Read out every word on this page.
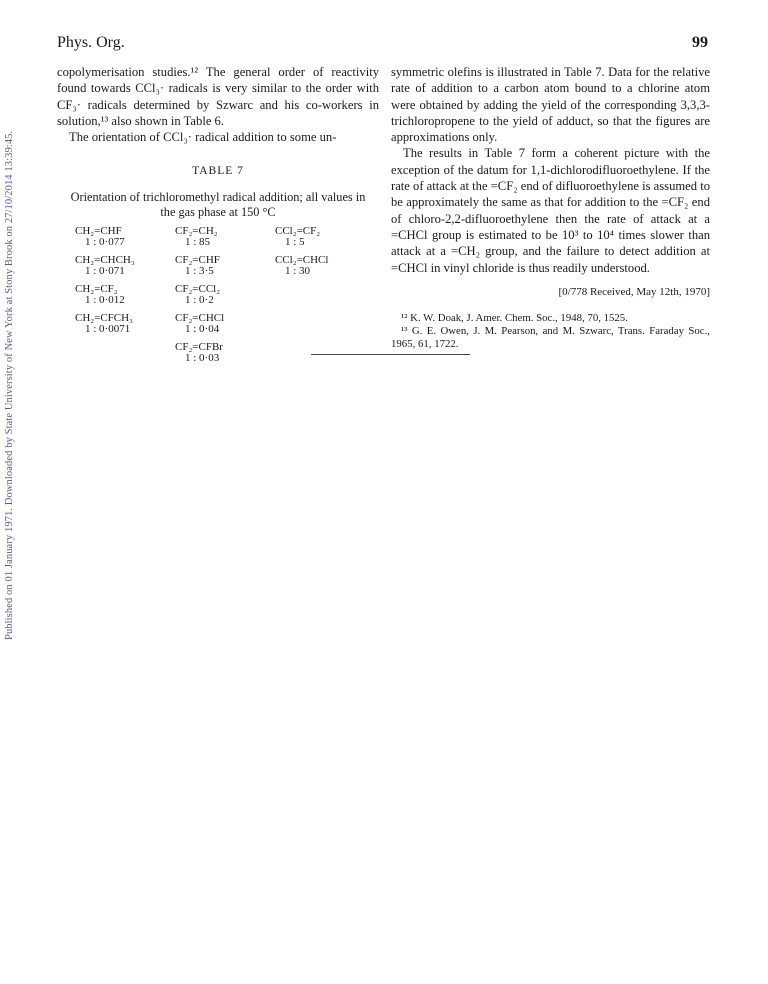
Published on 01 January 1971. Downloaded by State University of New York at Stony Brook on 27/10/2014 13:39:45.
Phys. Org.	99

copolymerisation studies.¹² The general order of reactivity found towards CCl₃· radicals is very similar to the order with CF₃· radicals determined by Szwarc and his co-workers in solution,¹³ also shown in Table 6.

The orientation of CCl₃· radical addition to some un-

TABLE 7
Orientation of trichloromethyl radical addition; all values in the gas phase at 150 °C
CH₂=CHF
1 : 0·077
CH₂=CHCH₃
1 : 0·071
CH₂=CF₂
1 : 0·012
CH₂=CFCH₃
1 : 0·0071
CF₂=CH₂
1 : 85
CF₂=CHF
1 : 3·5
CF₂=CCl₂
1 : 0·2
CF₂=CHCl
1 : 0·04
CF₂=CFBr
1 : 0·03
CCl₂=CF₂
1 : 5
CCl₂=CHCl
1 : 30

symmetric olefins is illustrated in Table 7. Data for the relative rate of addition to a carbon atom bound to a chlorine atom were obtained by adding the yield of the corresponding 3,3,3-trichloropropene to the yield of adduct, so that the figures are approximations only.

The results in Table 7 form a coherent picture with the exception of the datum for 1,1-dichlorodifluoroethylene. If the rate of attack at the =CF₂ end of difluoroethylene is assumed to be approximately the same as that for addition to the =CF₂ end of chloro-2,2-difluoroethylene then the rate of attack at a =CHCl group is estimated to be 10³ to 10⁴ times slower than attack at a =CH₂ group, and the failure to detect addition at =CHCl in vinyl chloride is thus readily understood.

[0/778 Received, May 12th, 1970]

¹² K. W. Doak, J. Amer. Chem. Soc., 1948, 70, 1525.

¹³ G. E. Owen, J. M. Pearson, and M. Szwarc, Trans. Faraday Soc., 1965, 61, 1722.
